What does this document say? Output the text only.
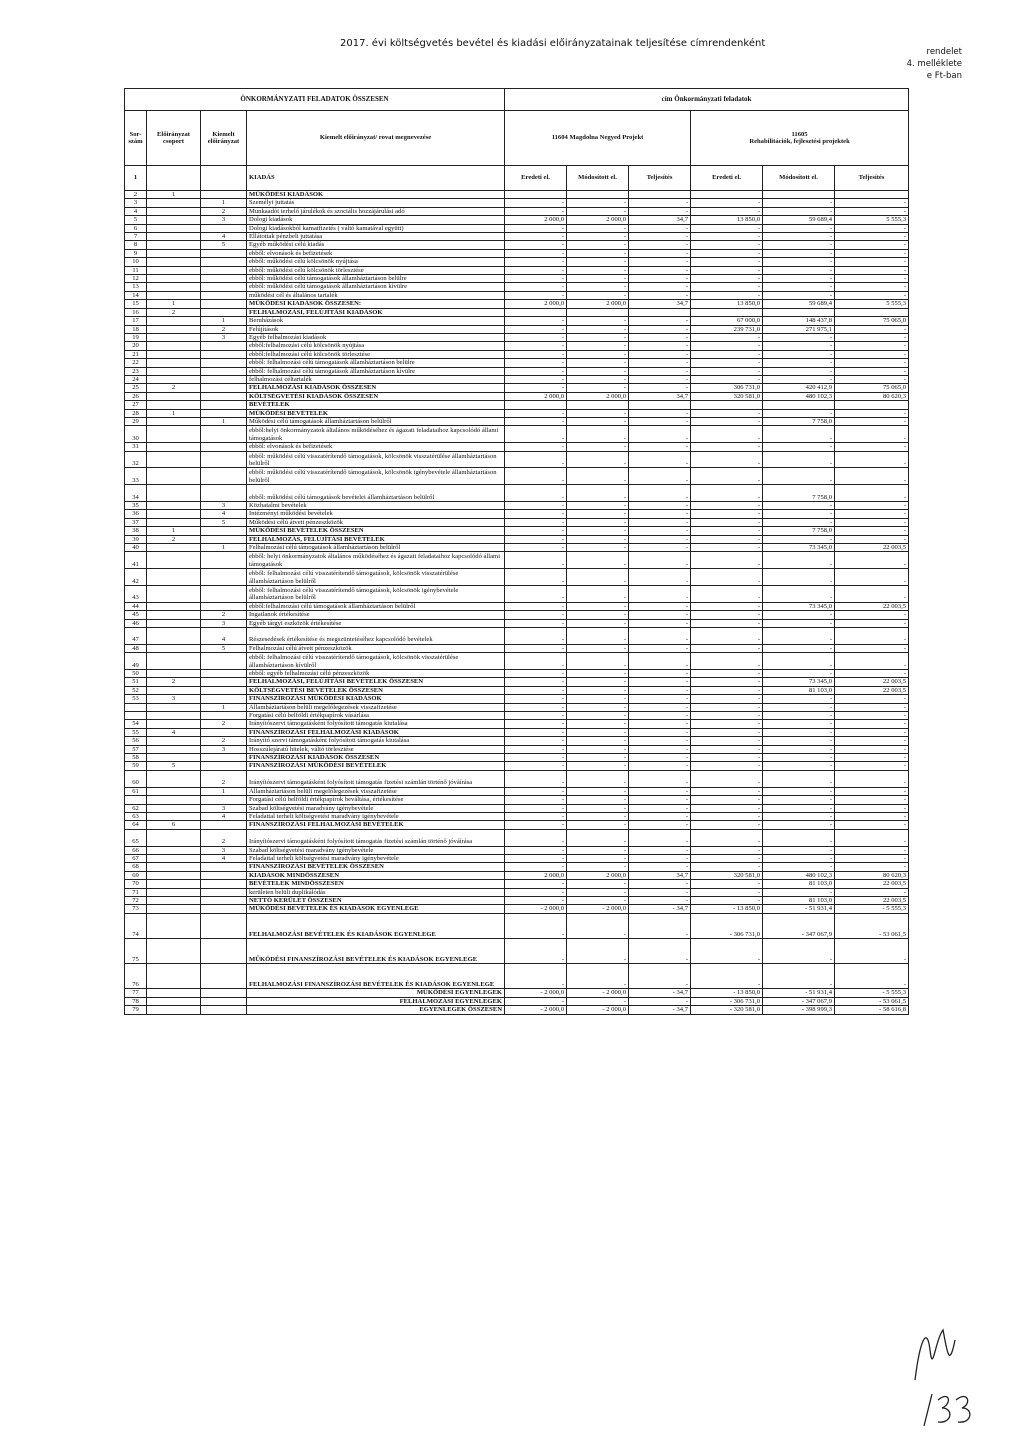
2017. évi költségvetés bevétel és kiadási előirányzatainak teljesítése címrendenként
rendelet
4. melléklete
e Ft-ban
ÖNKORMÁNYZATI FELADATOK ÖSSZESEN				cím Önkormányzati feladatok					
Sor-szám	Előirányzat csoport	Kiemelt előirányzat	Kiemelt előirányzat/ rovat megnevezése	11604 Magdolna Negyed Projekt			11605
Rehabilitációk, fejlesztési projektek		

1			KIADÁS	Eredeti el.	Módosított el.	Teljesítés	Eredeti el.	Módosított el.	Teljesítés
2	1		MŰKÖDÉSI KIADÁSOK						
3		1	Személyi juttatás	-	-	-	-	-	-
4		2	Munkaadót terhelő járulékok és szociális hozzájárulási adó	-	-	-	-	-	-
5		3	Dologi kiadások	2 000,0	2 000,0	34,7	13 850,0	59 689,4	5 555,3
6			Dologi kiadásokból kamatfizetés ( váltó kamatával együtt)	-	-	-	-	-	-
7		4	Ellátottak pénzbeli juttatása	-	-	-	-	-	-
8		5	Egyéb működési célú kiadás	-	-	-	-	-	-
9			ebből: elvonások és befizetések	-	-	-	-	-	-
10			ebből: működési célú kölcsönök nyújtása	-	-	-	-	-	-
11			ebből: működési célú kölcsönök törlesztése	-	-	-	-	-	-
12			ebből: működési célú támogatások államháztartáson belülre	-	-	-	-	-	-
13			ebből: működési célú támogatások államháztartáson kívülre	-	-	-	-	-	-
14			működési cél és általános tartalék	-	-	-	-	-	-
15	1		MŰKÖDÉSI KIADÁSOK ÖSSZESEN:	2 000,0	2 000,0	34,7	13 850,0	59 689,4	5 555,3
16	2		FELHALMOZÁSI, FELÚJÍTÁSI KIADÁSOK						
17		1	Beruházások	-	-	-	67 000,0	148 437,8	75 065,0
18		2	Felújítások	-	-	-	239 731,0	271 975,1	-
19		3	Egyéb felhalmozási kiadások	-	-	-	-	-	-
20			ebből:felhalmozási célú kölcsönök nyújtása	-	-	-	-	-	-
21			ebből:felhalmozási célú kölcsönök törlesztése	-	-	-	-	-	-
22			ebből: felhalmozási célú támogatások államháztartáson belülre	-	-	-	-	-	-
23			ebből: felhalmozási célú támogatások államháztartáson kívülre	-	-	-	-	-	-
24			felhalmozási céltartalék	-	-	-	-	-	-
25	2		FELHALMOZÁSI KIADÁSOK ÖSSZESEN	-	-	-	306 731,0	420 412,9	75 065,0
26			KÖLTSÉGVETÉSI KIADÁSOK ÖSSZESEN	2 000,0	2 000,0	34,7	320 581,0	480 102,3	80 620,3
27			BEVÉTELEK						
28	1		MŰKÖDÉSI BEVÉTELEK	-	-	-	-	-	-
29		1	Működési célú támogatások államháztartáson belülről	-	-	-	-	7 758,0	-
30			ebből:helyi önkormányzatok általános működéséhez és ágazati feladataihoz kapcsolódó állami támogatások	-	-	-	-	-	-
31			ebből: elvonások és befizetések	-	-	-	-	-	-
32			ebből: működési célú visszatérítendő támogatások, kölcsönök visszatérülése államháztartáson belülről	-	-	-	-	-	-
33			ebből: működési célú visszatérítendő támogatások, kölcsönök igénybevétele államháztartáson belülről	-	-	-	-	-	-
34			ebből: működési célú támogatások bevételei államháztartáson belülről	-	-	-	-	7 758,0	-
35		3	Közhatalmi bevételek	-	-	-	-	-	-
36		4	Intézményi működési bevételek	-	-	-	-	-	-
37		5	Működési célú átvett pénzeszközök	-	-	-	-	-	-
38	1		MŰKÖDÉSI BEVÉTELEK ÖSSZESEN	-	-	-	-	7 758,0	-
39	2		FELHALMOZÁS, FELÚJÍTÁSI BEVÉTELEK	-	-	-	-	-	-
40		1	Felhalmozási célú támogatások államháztartáson belülről	-	-	-	-	73 345,0	22 003,5
41			ebből: helyi önkormányzatok általános működéséhez és ágazati feladataihoz kapcsolódó állami támogatások	-	-	-	-	-	-
42			ebből: felhalmozási célú visszatérítendő támogatások, kölcsönök visszatérülése államháztartáson belülről	-	-	-	-	-	-
43			ebből: felhalmozási célú visszatérítendő támogatások, kölcsönök igénybevétele államháztartáson belülről	-	-	-	-	-	-
44			ebből:felhalmozási célú támogatások államháztartáson belülről	-	-	-	-	73 345,0	22 003,5
45		2	Ingatlanok értékesítése	-	-	-	-	-	-
46		3	Egyéb tárgyi eszközök értékesítése	-	-	-	-	-	-
47		4	Részesedések értékesítése és megszüntetéséhez kapcsolódó bevételek	-	-	-	-	-	-
48		5	Felhalmozási célú átvett pénzeszközök	-	-	-	-	-	-
49			ebből: felhalmozási célú visszatérítendő támogatások, kölcsönök visszatérülése államháztartáson kívülről	-	-	-	-	-	-
50			ebből: egyéb felhalmozási célú pénzeszközök	-	-	-	-	-	-
51	2		FELHALMOZÁSI, FELÚJÍTÁSI BEVÉTELEK ÖSSZESEN	-	-	-	-	73 345,0	22 003,5
52			KÖLTSÉGVETÉSI BEVÉTELEK ÖSSZESEN	-	-	-	-	81 103,0	22 003,5
53	3		FINANSZÍROZÁSI MŰKÖDÉSI KIADÁSOK	-	-	-	-	-	-
		1	Államháztartáson belüli megelőlegezések visszafizetése	-	-	-	-	-	-
			Forgatási célú belföldi értékpapírok vásárlása	-	-	-	-	-	-
54		2	Irányítószervi támogatásként folyósított támogatás kiutalása	-	-	-	-	-	-
55	4		FINANSZÍROZÁSI FELHALMOZÁSI KIADÁSOK	-	-	-	-	-	-
56		2	Irányító szervi támogatásként folyósított támogatás kiutalása	-	-	-	-	-	-
57		3	Hosszúlejáratú hitelek, váltó törlesztése	-	-	-	-	-	-
58			FINANSZÍROZÁSI KIADÁSOK ÖSSZESEN	-	-	-	-	-	-
59	5		FINANSZÍROZÁSI MŰKÖDÉSI BEVÉTELEK	-	-	-	-	-	-
60		2	Irányítószervi támogatásként folyósított támogatás fizetési számlán történő jóváírása	-	-	-	-	-	-
61		1	Államháztartáson belüli megelőlegezések visszafizetése	-	-	-	-	-	-
			Forgatási célú belföldi értékpapírok beváltása, értékesítése	-	-	-	-	-	-
62		3	Szabad költségvetési maradvány igénybevétele	-	-	-	-	-	-
63		4	Feladattal terhelt költségvetési maradvány igénybevétele	-	-	-	-	-	-
64	6		FINANSZÍROZÁSI FELHALMOZÁSI BEVÉTELEK	-	-	-	-	-	-
65		2	Irányítószervi támogatásként folyósított támogatás fizetési számlán történő jóváírása	-	-	-	-	-	-
66		3	Szabad költségvetési maradvány igénybevétele	-	-	-	-	-	-
67		4	Feladattal terhelt költségvetési maradvány igénybevétele	-	-	-	-	-	-
68			FINANSZÍROZÁSI BEVÉTELEK ÖSSZESEN	-	-	-	-	-	-
69			KIADÁSOK MINDÖSSZESEN	2 000,0	2 000,0	34,7	320 581,0	480 102,3	80 620,3
70			BEVÉTELEK MINDÖSSZESEN	-	-	-	-	81 103,0	22 003,5
71			kerületen belüli duplikálódás	-	-	-	-	-	-
72			NETTÓ KERÜLET ÖSSZESEN	-	-	-	-	81 103,0	22 003,5
73			MŰKÖDÉSI BEVÉTELEK ÉS KIADÁSOK EGYENLEGE	- 2 000,0	- 2 000,0	- 34,7	- 13 850,0	- 51 931,4	- 5 555,3
74			FELHALMOZÁSI BEVÉTELEK ÉS KIADÁSOK EGYENLEGE	-	-	-	- 306 731,0	- 347 067,9	- 53 061,5
75			MŰKÖDÉSI FINANSZÍROZÁSI BEVÉTELEK ÉS KIADÁSOK EGYENLEGE	-	-	-	-	-	-
76			FELHALMOZÁSI FINANSZÍROZÁSI BEVÉTELEK ÉS KIADÁSOK EGYENLEGE	-	-	-	-	-	-
77			MŰKÖDÉSI EGYENLEGEK	- 2 000,0	- 2 000,0	- 34,7	- 13 850,0	- 51 931,4	- 5 555,3
78			FELHALMOZÁSI EGYENLEGEK	-	-	-	- 306 731,0	- 347 067,9	- 53 061,5
79			EGYENLEGEK ÖSSZESEN	- 2 000,0	- 2 000,0	- 34,7	- 320 581,0	- 398 999,3	- 58 616,8
